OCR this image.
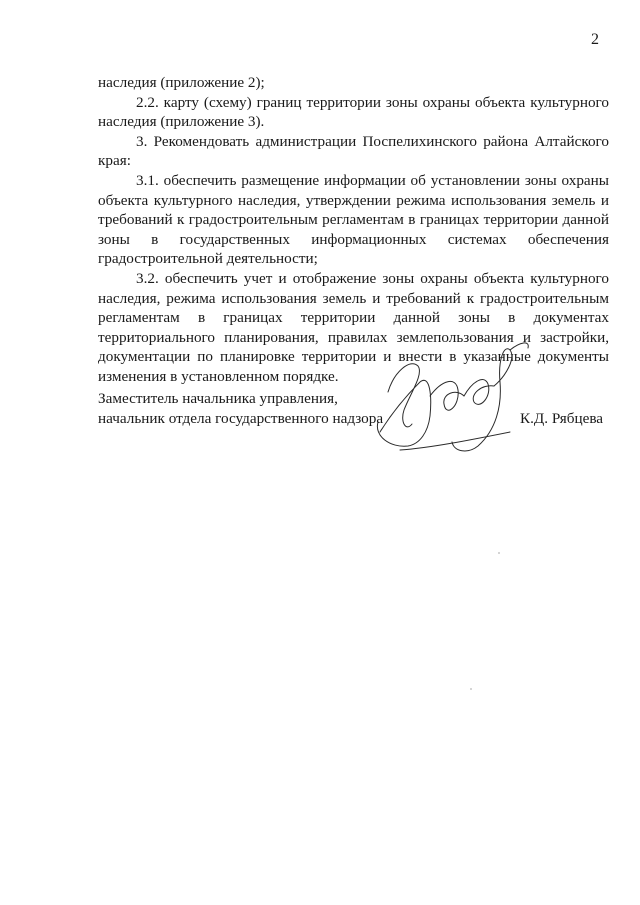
2

наследия (приложение 2);

2.2. карту (схему) границ территории зоны охраны объекта культурного наследия (приложение 3).

3. Рекомендовать администрации Поспелихинского района Алтайского края:

3.1. обеспечить размещение информации об установлении зоны охраны объекта культурного наследия, утверждении режима использования земель и требований к градостроительным регламентам в границах территории данной зоны в государственных информационных системах обеспечения градостроительной деятельности;

3.2. обеспечить учет и отображение зоны охраны объекта культурного наследия, режима использования земель и требований к градостроительным регламентам в границах территории данной зоны в документах территориального планирования, правилах землепользования и застройки, документации по планировке территории и внести в указанные документы изменения в установленном порядке.

Заместитель начальника управления,
начальник отдела государственного надзора	К.Д. Рябцева
